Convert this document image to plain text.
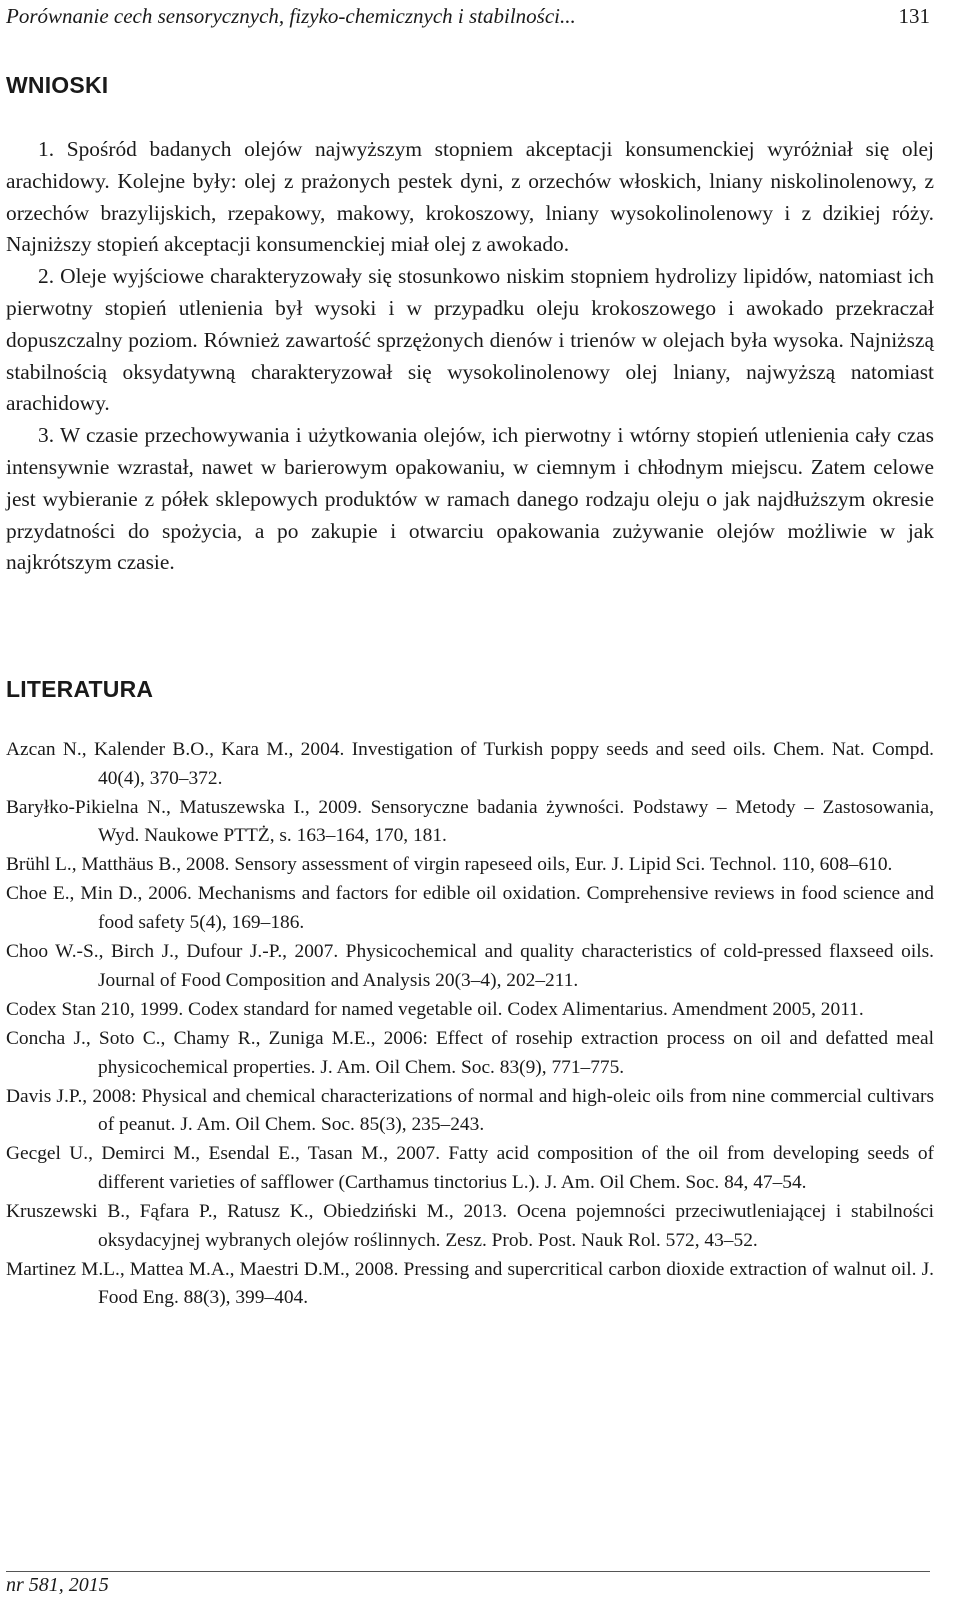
Porównanie cech sensorycznych, fizyko-chemicznych i stabilności...	131
WNIOSKI

1. Spośród badanych olejów najwyższym stopniem akceptacji konsumenckiej wyróżniał się olej arachidowy. Kolejne były: olej z prażonych pestek dyni, z orzechów włoskich, lniany niskolinolenowy, z orzechów brazylijskich, rzepakowy, makowy, krokoszowy, lniany wysokolinolenowy i z dzikiej róży. Najniższy stopień akceptacji konsumenckiej miał olej z awokado.

2. Oleje wyjściowe charakteryzowały się stosunkowo niskim stopniem hydrolizy lipidów, natomiast ich pierwotny stopień utlenienia był wysoki i w przypadku oleju krokoszowego i awokado przekraczał dopuszczalny poziom. Również zawartość sprzężonych dienów i trienów w olejach była wysoka. Najniższą stabilnością oksydatywną charakteryzował się wysokolinolenowy olej lniany, najwyższą natomiast arachidowy.

3. W czasie przechowywania i użytkowania olejów, ich pierwotny i wtórny stopień utlenienia cały czas intensywnie wzrastał, nawet w barierowym opakowaniu, w ciemnym i chłodnym miejscu. Zatem celowe jest wybieranie z półek sklepowych produktów w ramach danego rodzaju oleju o jak najdłuższym okresie przydatności do spożycia, a po zakupie i otwarciu opakowania zużywanie olejów możliwie w jak najkrótszym czasie.

LITERATURA

Azcan N., Kalender B.O., Kara M., 2004. Investigation of Turkish poppy seeds and seed oils. Chem. Nat. Compd. 40(4), 370–372.

Baryłko-Pikielna N., Matuszewska I., 2009. Sensoryczne badania żywności. Podstawy – Metody – Zastosowania, Wyd. Naukowe PTTŻ, s. 163–164, 170, 181.

Brühl L., Matthäus B., 2008. Sensory assessment of virgin rapeseed oils, Eur. J. Lipid Sci. Technol. 110, 608–610.

Choe E., Min D., 2006. Mechanisms and factors for edible oil oxidation. Comprehensive reviews in food science and food safety 5(4), 169–186.

Choo W.-S., Birch J., Dufour J.-P., 2007. Physicochemical and quality characteristics of cold-pressed flaxseed oils. Journal of Food Composition and Analysis 20(3–4), 202–211.

Codex Stan 210, 1999. Codex standard for named vegetable oil. Codex Alimentarius. Amendment 2005, 2011.

Concha J., Soto C., Chamy R., Zuniga M.E., 2006: Effect of rosehip extraction process on oil and defatted meal physicochemical properties. J. Am. Oil Chem. Soc. 83(9), 771–775.

Davis J.P., 2008: Physical and chemical characterizations of normal and high-oleic oils from nine commercial cultivars of peanut. J. Am. Oil Chem. Soc. 85(3), 235–243.

Gecgel U., Demirci M., Esendal E., Tasan M., 2007. Fatty acid composition of the oil from developing seeds of different varieties of safflower (Carthamus tinctorius L.). J. Am. Oil Chem. Soc. 84, 47–54.

Kruszewski B., Fąfara P., Ratusz K., Obiedziński M., 2013. Ocena pojemności przeciwutleniającej i stabilności oksydacyjnej wybranych olejów roślinnych. Zesz. Prob. Post. Nauk Rol. 572, 43–52.

Martinez M.L., Mattea M.A., Maestri D.M., 2008. Pressing and supercritical carbon dioxide extraction of walnut oil. J. Food Eng. 88(3), 399–404.

nr 581, 2015
